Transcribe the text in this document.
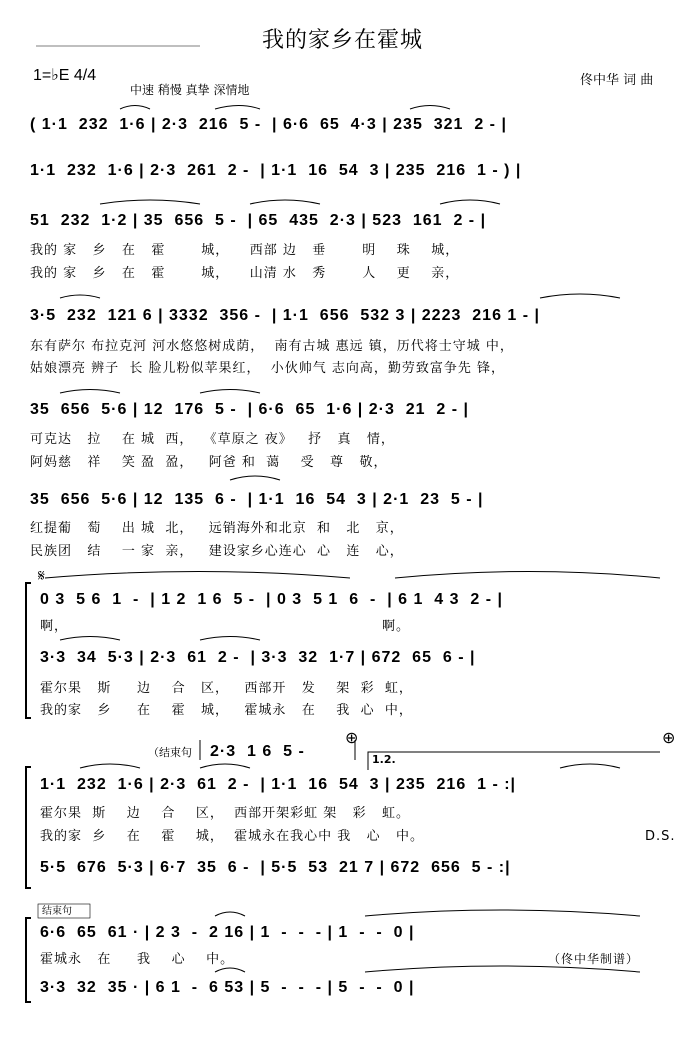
我的家乡在霍城
1=♭E 4/4
中速 稍慢 真挚 深情地
佟中华 词 曲
( 1·1  232  1·6 | 2·3  216  5 -  | 6·6  65  4·3 | 235  321  2 - |
1·1  232  1·6 | 2·3  261  2 -  | 1·1  16  54  3 | 235  216  1 - ) |
51  232  1·2 | 35  656  5 -  | 65  435  2·3 | 523  161  2 - |
我的 家   乡   在   霍       城，    西部 边   垂       明    珠    城，
我的 家   乡   在   霍       城，    山清 水   秀       人    更    亲，
3·5  232  121 6 | 3332  356 -  | 1·1  656  532 3 | 2223  216 1 - |
东有萨尔 布拉克河 河水悠悠树成荫，  南有古城 惠远 镇，历代将士守城 中，
姑娘漂亮 辨子  长 脸儿粉似苹果红，  小伙帅气 志向高，勤劳致富争先 锋，
35  656  5·6 | 12  176  5 -  | 6·6  65  1·6 | 2·3  21  2 - |
可克达   拉    在 城  西，  《草原之 夜》   抒   真   情，
阿妈慈   祥    笑 盈  盈，   阿爸 和  蔼    受   尊   敬，
35  656  5·6 | 12  135  6 -  | 1·1  16  54  3 | 2·1  23  5 - |
红提葡   萄    出 城  北，   远销海外和北京  和   北   京，
民族团   结    一 家  亲，   建设家乡心连心  心   连   心，
𝄋
0 3  5 6  1  -  | 1 2  1 6  5 -  | 0 3  5 1  6  -  | 6 1  4 3  2 - |
啊，	啊。
3·3  34  5·3 | 2·3  61  2 -  | 3·3  32  1·7 | 672  65  6 - |
霍尔果   斯     边    合   区，   西部开   发    架  彩  虹，
我的家   乡     在    霍   城，   霍城永   在    我  心  中，
（结束句 2·3  1 6  5 -
⊕	⊕
1.2.
1·1  232  1·6 | 2·3  61  2 -  | 1·1  16  54  3 | 235  216  1 - :|
霍尔果  斯    边    合    区，  西部开架彩虹 架   彩   虹。
我的家  乡    在    霍    城，  霍城永在我心中 我   心   中。	D.S.
5·5  676  5·3 | 6·7  35  6 -  | 5·5  53  21 7 | 672  656  5 - :|
结束句
6·6  65  61 · | 2 3  -  2 16 | 1  -  -  - | 1  -  -  0 |
霍城永   在     我    心    中。	（佟中华制谱）
3·3  32  35 · | 6 1  -  6 53 | 5  -  -  - | 5  -  -  0 |
